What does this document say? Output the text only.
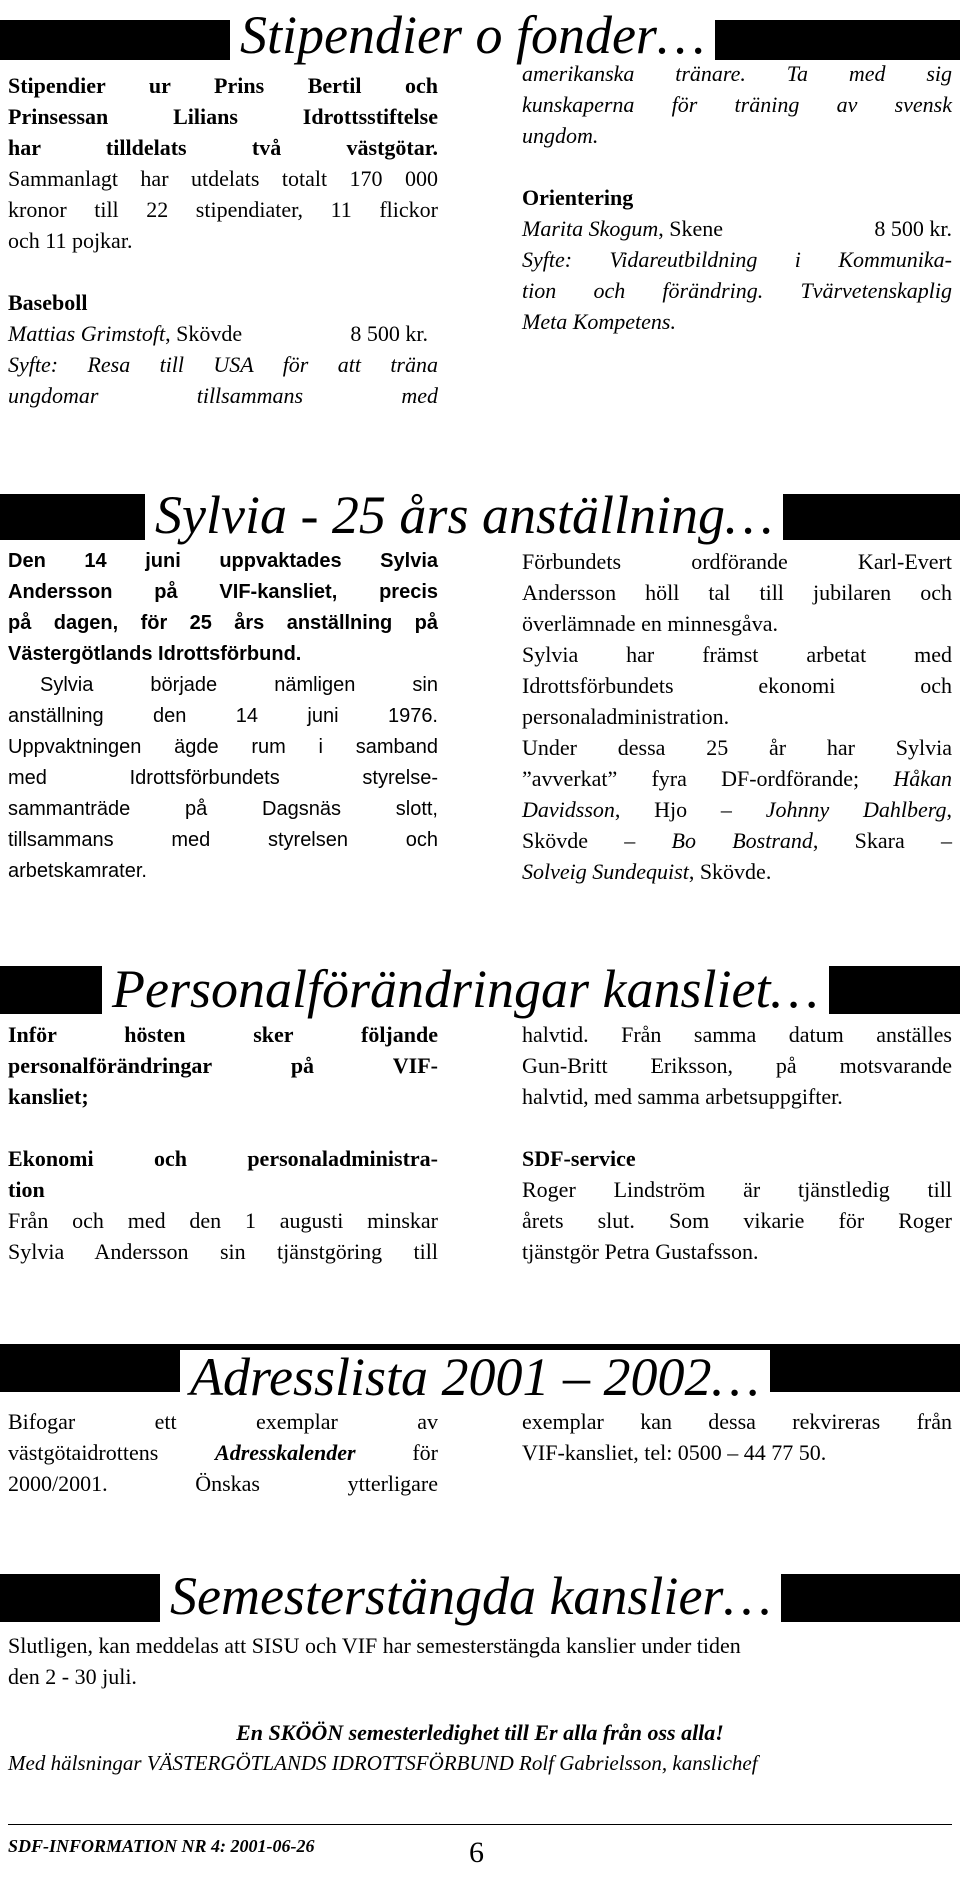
Stipendier o fonder…

Stipendier ur Prins Bertil och

Prinsessan Lilians Idrottsstiftelse

har tilldelats två västgötar.

Sammanlagt har utdelats totalt 170 000

kronor till 22 stipendiater, 11 flickor

och 11 pojkar.

Baseboll

Mattias Grimstoft, Skövde	8 500 kr.

Syfte: Resa till USA för att träna

ungdomar tillsammans med

amerikanska tränare. Ta med sig

kunskaperna för träning av svensk

ungdom.

Orientering

Marita Skogum, Skene	8 500 kr.

Syfte: Vidareutbildning i Kommunika-

tion och förändring. Tvärvetenskaplig

Meta Kompetens.

Sylvia - 25 års anställning…

Den 14 juni uppvaktades Sylvia

Andersson på VIF-kansliet, precis

på dagen, för 25 års anställning på

Västergötlands Idrottsförbund.

Sylvia började nämligen sin

anställning den 14 juni 1976.

Uppvaktningen ägde rum i samband

med Idrottsförbundets styrelse-

sammanträde på Dagsnäs slott,

tillsammans med styrelsen och

arbetskamrater.

Förbundets ordförande Karl-Evert

Andersson höll tal till jubilaren och

överlämnade en minnesgåva.

Sylvia har främst arbetat med

Idrottsförbundets ekonomi och

personaladministration.

Under dessa 25 år har Sylvia

”avverkat” fyra DF-ordförande; Håkan

Davidsson, Hjo – Johnny Dahlberg,

Skövde – Bo Bostrand, Skara –

Solveig Sundequist, Skövde.

Personalförändringar kansliet…

Inför hösten sker följande

personalförändringar på VIF-

kansliet;

Ekonomi och personaladministra-

tion

Från och med den 1 augusti minskar

Sylvia Andersson sin tjänstgöring till

halvtid. Från samma datum anställes

Gun-Britt Eriksson, på motsvarande

halvtid, med samma arbetsuppgifter.

SDF-service

Roger Lindström är tjänstledig till

årets slut. Som vikarie för Roger

tjänstgör Petra Gustafsson.

Adresslista 2001 – 2002…

Bifogar ett exemplar av

västgötaidrottens Adresskalender för

2000/2001. Önskas ytterligare

exemplar kan dessa rekvireras från

VIF-kansliet, tel: 0500 – 44 77 50.

Semesterstängda kanslier…

Slutligen, kan meddelas att SISU och VIF har semesterstängda kanslier under tiden

den 2 - 30 juli.

En SKÖÖN semesterledighet till Er alla från oss alla!

Med hälsningar VÄSTERGÖTLANDS IDROTTSFÖRBUND Rolf Gabrielsson, kanslichef

SDF-INFORMATION NR 4: 2001-06-26	6
